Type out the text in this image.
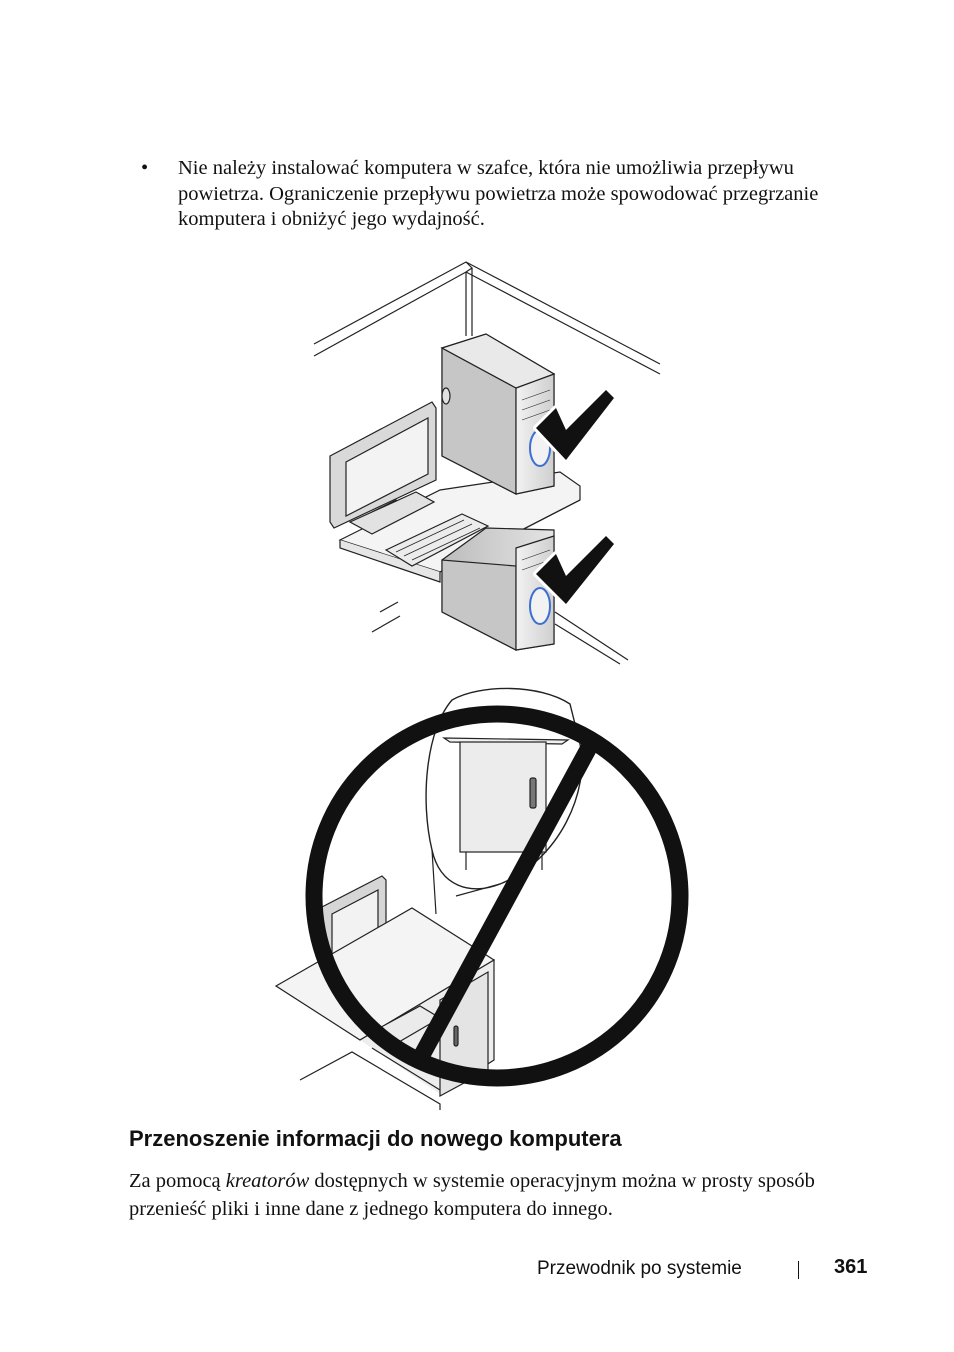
• Nie należy instalować komputera w szafce, która nie umożliwia przepływu
powietrza. Ograniczenie przepływu powietrza może spowodować przegrzanie
komputera i obniżyć jego wydajność.
Przenoszenie informacji do nowego komputera
Za pomocą kreatorów dostępnych w systemie operacyjnym można w prosty sposób
przenieść pliki i inne dane z jednego komputera do innego.
Przewodnik po systemie	361
